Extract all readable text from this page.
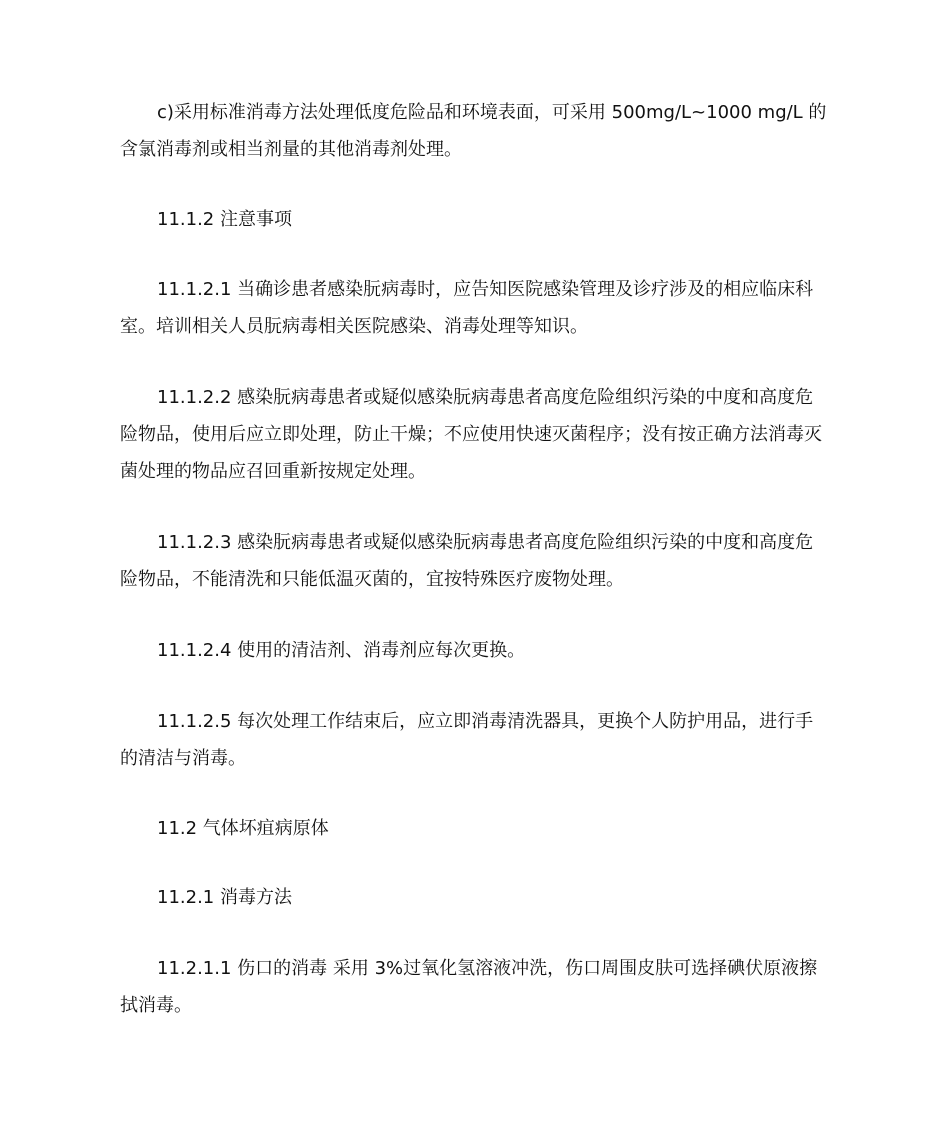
c)采用标准消毒方法处理低度危险品和环境表面，可采用 500mg/L~1000 mg/L 的含氯消毒剂或相当剂量的其他消毒剂处理。

11.1.2 注意事项

11.1.2.1 当确诊患者感染朊病毒时，应告知医院感染管理及诊疗涉及的相应临床科室。培训相关人员朊病毒相关医院感染、消毒处理等知识。

11.1.2.2 感染朊病毒患者或疑似感染朊病毒患者高度危险组织污染的中度和高度危险物品，使用后应立即处理，防止干燥；不应使用快速灭菌程序；没有按正确方法消毒灭菌处理的物品应召回重新按规定处理。

11.1.2.3 感染朊病毒患者或疑似感染朊病毒患者高度危险组织污染的中度和高度危险物品，不能清洗和只能低温灭菌的，宜按特殊医疗废物处理。

11.1.2.4 使用的清洁剂、消毒剂应每次更换。

11.1.2.5 每次处理工作结束后，应立即消毒清洗器具，更换个人防护用品，进行手的清洁与消毒。

11.2 气体坏疽病原体

11.2.1 消毒方法

11.2.1.1 伤口的消毒 采用 3%过氧化氢溶液冲洗，伤口周围皮肤可选择碘伏原液擦拭消毒。
